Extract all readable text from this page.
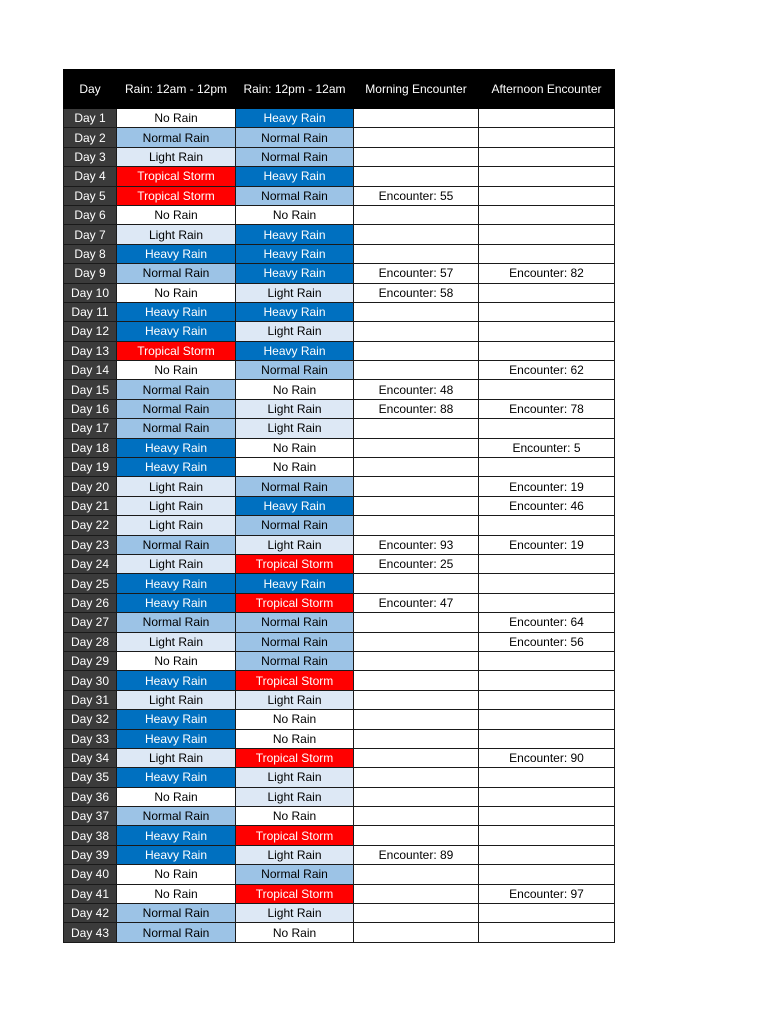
Day	Rain: 12am - 12pm	Rain: 12pm - 12am	Morning Encounter	Afternoon Encounter
Day 1	No Rain	Heavy Rain		
Day 2	Normal Rain	Normal Rain		
Day 3	Light Rain	Normal Rain		
Day 4	Tropical Storm	Heavy Rain		
Day 5	Tropical Storm	Normal Rain	Encounter: 55	
Day 6	No Rain	No Rain		
Day 7	Light Rain	Heavy Rain		
Day 8	Heavy Rain	Heavy Rain		
Day 9	Normal Rain	Heavy Rain	Encounter: 57	Encounter: 82
Day 10	No Rain	Light Rain	Encounter: 58	
Day 11	Heavy Rain	Heavy Rain		
Day 12	Heavy Rain	Light Rain		
Day 13	Tropical Storm	Heavy Rain		
Day 14	No Rain	Normal Rain		Encounter: 62
Day 15	Normal Rain	No Rain	Encounter: 48	
Day 16	Normal Rain	Light Rain	Encounter: 88	Encounter: 78
Day 17	Normal Rain	Light Rain		
Day 18	Heavy Rain	No Rain		Encounter: 5
Day 19	Heavy Rain	No Rain		
Day 20	Light Rain	Normal Rain		Encounter: 19
Day 21	Light Rain	Heavy Rain		Encounter: 46
Day 22	Light Rain	Normal Rain		
Day 23	Normal Rain	Light Rain	Encounter: 93	Encounter: 19
Day 24	Light Rain	Tropical Storm	Encounter: 25	
Day 25	Heavy Rain	Heavy Rain		
Day 26	Heavy Rain	Tropical Storm	Encounter: 47	
Day 27	Normal Rain	Normal Rain		Encounter: 64
Day 28	Light Rain	Normal Rain		Encounter: 56
Day 29	No Rain	Normal Rain		
Day 30	Heavy Rain	Tropical Storm		
Day 31	Light Rain	Light Rain		
Day 32	Heavy Rain	No Rain		
Day 33	Heavy Rain	No Rain		
Day 34	Light Rain	Tropical Storm		Encounter: 90
Day 35	Heavy Rain	Light Rain		
Day 36	No Rain	Light Rain		
Day 37	Normal Rain	No Rain		
Day 38	Heavy Rain	Tropical Storm		
Day 39	Heavy Rain	Light Rain	Encounter: 89	
Day 40	No Rain	Normal Rain		
Day 41	No Rain	Tropical Storm		Encounter: 97
Day 42	Normal Rain	Light Rain		
Day 43	Normal Rain	No Rain		
